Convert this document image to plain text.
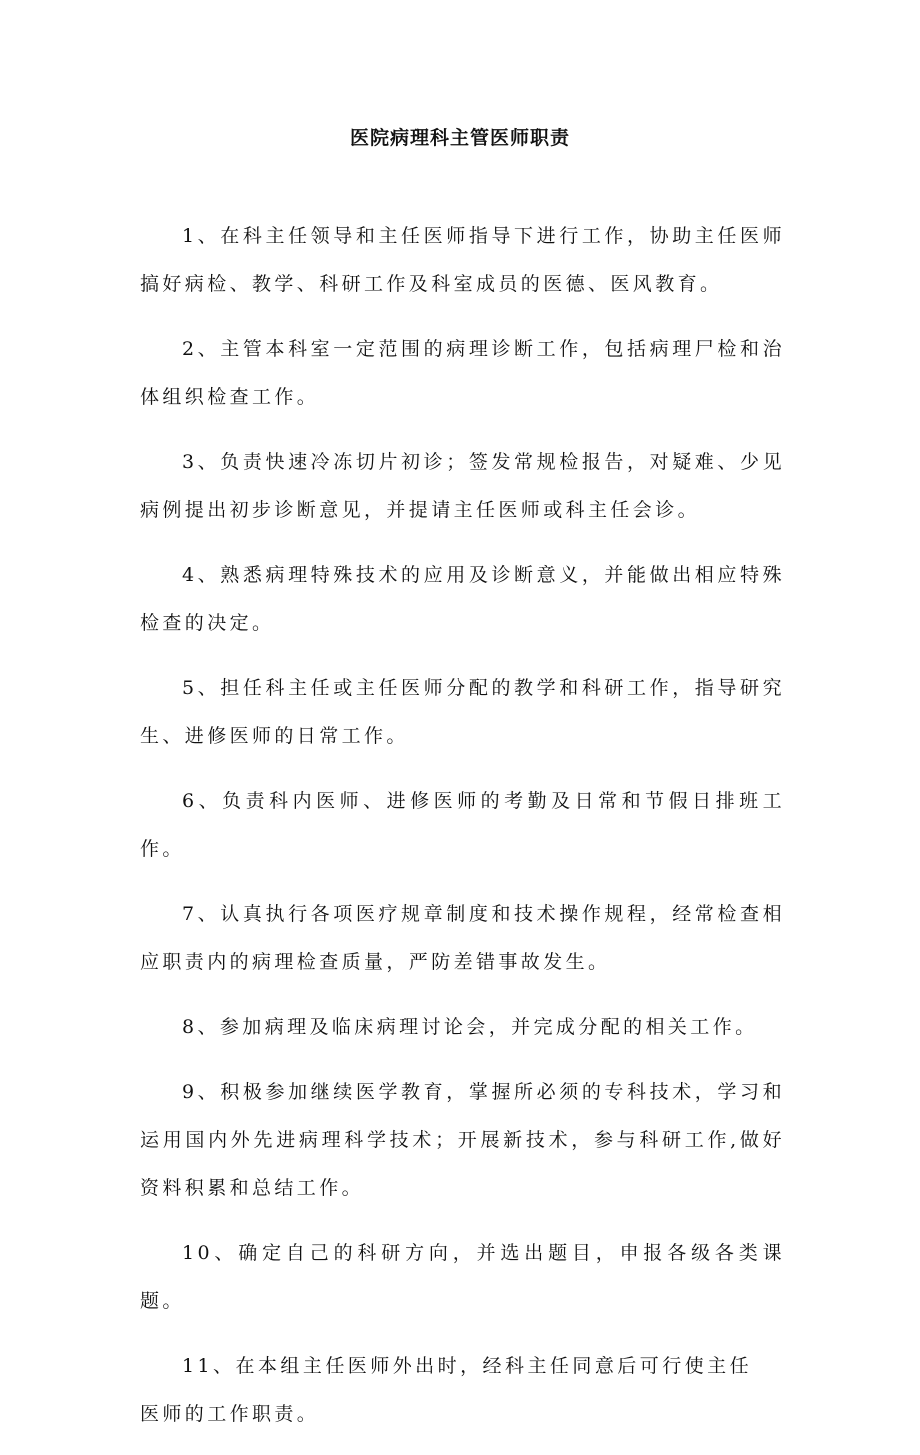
医院病理科主管医师职责

1、在科主任领导和主任医师指导下进行工作，协助主任医师搞好病检、教学、科研工作及科室成员的医德、医风教育。

2、主管本科室一定范围的病理诊断工作，包括病理尸检和治体组织检查工作。

3、负责快速冷冻切片初诊；签发常规检报告，对疑难、少见病例提出初步诊断意见，并提请主任医师或科主任会诊。

4、熟悉病理特殊技术的应用及诊断意义，并能做出相应特殊检查的决定。

5、担任科主任或主任医师分配的教学和科研工作，指导研究生、进修医师的日常工作。

6、负责科内医师、进修医师的考勤及日常和节假日排班工作。

7、认真执行各项医疗规章制度和技术操作规程，经常检查相应职责内的病理检查质量，严防差错事故发生。

8、参加病理及临床病理讨论会，并完成分配的相关工作。

9、积极参加继续医学教育，掌握所必须的专科技术，学习和运用国内外先进病理科学技术；开展新技术，参与科研工作,做好资料积累和总结工作。

10、确定自己的科研方向，并选出题目，申报各级各类课题。

11、在本组主任医师外出时，经科主任同意后可行使主任医师的工作职责。
